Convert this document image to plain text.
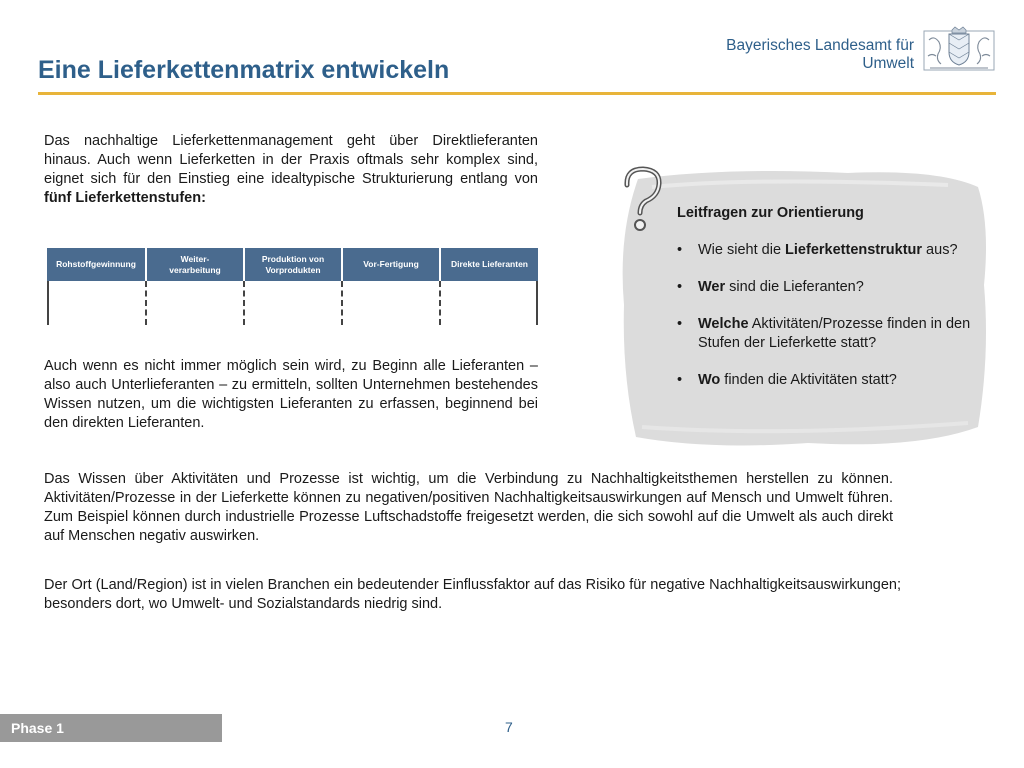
Eine Lieferkettenmatrix entwickeln
Bayerisches Landesamt für
Umwelt

Das nachhaltige Lieferkettenmanagement geht über Direktlieferanten hinaus. Auch wenn Lieferketten in der Praxis oftmals sehr komplex sind, eignet sich für den Einstieg eine idealtypische Strukturierung entlang von fünf Lieferkettenstufen:

Rohstoffgewinnung
Weiter-
verarbeitung
Produktion von
Vorprodukten
Vor-Fertigung	Direkte Lieferanten

Auch wenn es nicht immer möglich sein wird, zu Beginn alle Lieferanten – also auch Unterlieferanten – zu ermitteln, sollten Unternehmen bestehendes Wissen nutzen, um die wichtigsten Lieferanten zu erfassen, beginnend bei den direkten Lieferanten.

Leitfragen zur Orientierung
• Wie sieht die Lieferkettenstruktur aus?
• Wer sind die Lieferanten?
• Welche Aktivitäten/Prozesse finden in den Stufen der Lieferkette statt?
• Wo finden die Aktivitäten statt?

Das Wissen über Aktivitäten und Prozesse ist wichtig, um die Verbindung zu Nachhaltigkeitsthemen herstellen zu können. Aktivitäten/Prozesse in der Lieferkette können zu negativen/positiven Nachhaltigkeitsauswirkungen auf Mensch und Umwelt führen. Zum Beispiel können durch industrielle Prozesse Luftschadstoffe freigesetzt werden, die sich sowohl auf die Umwelt als auch direkt auf Menschen negativ auswirken.

Der Ort (Land/Region) ist in vielen Branchen ein bedeutender Einflussfaktor auf das Risiko für negative Nachhaltigkeitsauswirkungen; besonders dort, wo Umwelt- und Sozialstandards niedrig sind.

Phase 1	7
